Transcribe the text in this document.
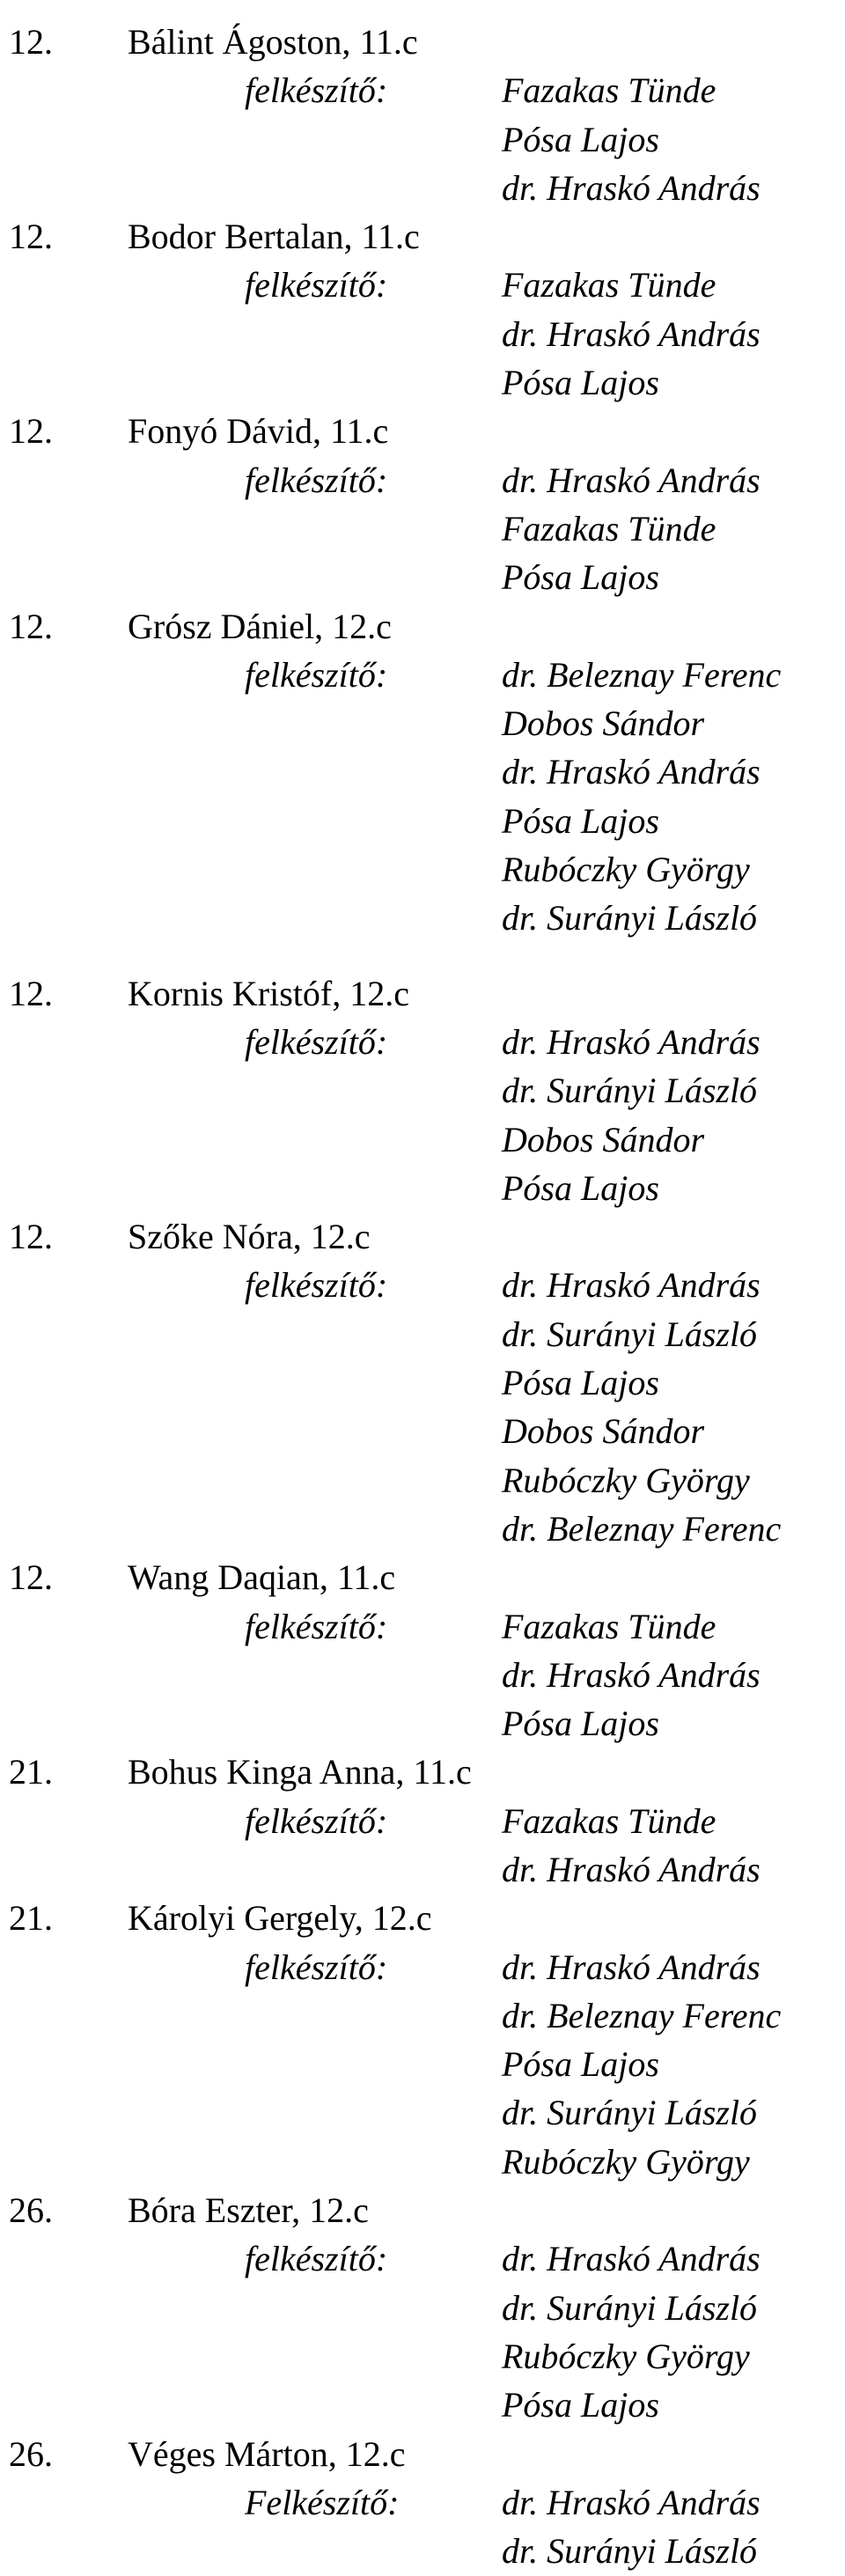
12. Bálint Ágoston, 11.c
felkészítő:	Fazakas Tünde
Pósa Lajos
dr. Hraskó András
12. Bodor Bertalan, 11.c
felkészítő:	Fazakas Tünde
dr. Hraskó András
Pósa Lajos
12. Fonyó Dávid, 11.c
felkészítő:	dr. Hraskó András
Fazakas Tünde
Pósa Lajos
12. Grósz Dániel, 12.c
felkészítő:	dr. Beleznay Ferenc
Dobos Sándor
dr. Hraskó András
Pósa Lajos
Rubóczky György
dr. Surányi László
12. Kornis Kristóf, 12.c
felkészítő:	dr. Hraskó András
dr. Surányi László
Dobos Sándor
Pósa Lajos
12. Szőke Nóra, 12.c
felkészítő:	dr. Hraskó András
dr. Surányi László
Pósa Lajos
Dobos Sándor
Rubóczky György
dr. Beleznay Ferenc
12. Wang Daqian, 11.c
felkészítő:	Fazakas Tünde
dr. Hraskó András
Pósa Lajos
21. Bohus Kinga Anna, 11.c
felkészítő:	Fazakas Tünde
dr. Hraskó András
21. Károlyi Gergely, 12.c
felkészítő:	dr. Hraskó András
dr. Beleznay Ferenc
Pósa Lajos
dr. Surányi László
Rubóczky György
26. Bóra Eszter, 12.c
felkészítő:	dr. Hraskó András
dr. Surányi László
Rubóczky György
Pósa Lajos
26. Véges Márton, 12.c
Felkészítő:	dr. Hraskó András
dr. Surányi László
